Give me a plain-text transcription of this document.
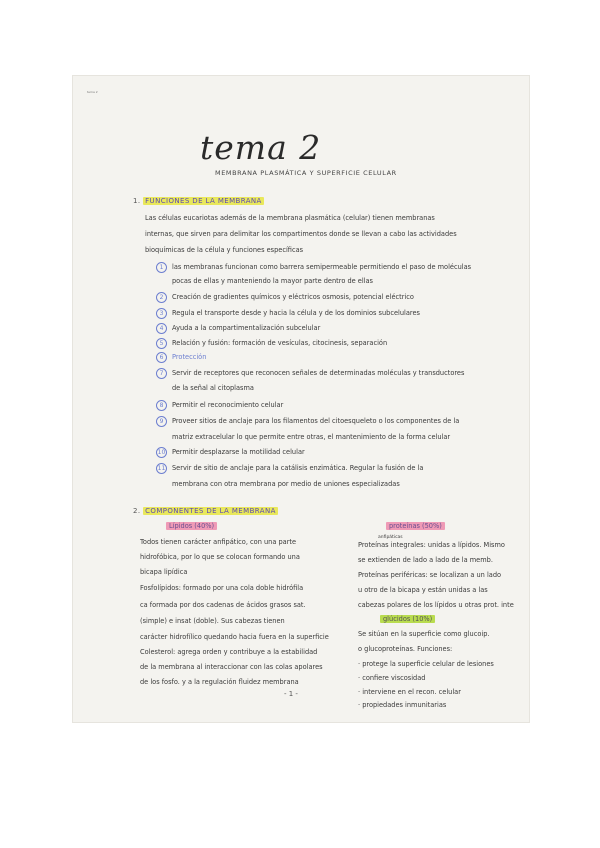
tema 2
tema 2
MEMBRANA PLASMÁTICA Y SUPERFICIE CELULAR
1. FUNCIONES DE LA MEMBRANA
Las células eucariotas además de la membrana plasmática (celular) tienen membranas
internas, que sirven para delimitar los compartimentos donde se llevan a cabo las actividades
bioquímicas de la célula y funciones específicas
1	las membranas funcionan como barrera semipermeable permitiendo el paso de moléculas
pocas de ellas y manteniendo la mayor parte dentro de ellas
2	Creación de gradientes químicos y eléctricos osmosis, potencial eléctrico
3	Regula el transporte desde y hacia la célula y de los dominios subcelulares
4	Ayuda a la compartimentalización subcelular
5	Relación y fusión: formación de vesículas, citocinesis, separación
6	Protección
7	Servir de receptores que reconocen señales de determinadas moléculas y transductores
de la señal al citoplasma
8	Permitir el reconocimiento celular
9	Proveer sitios de anclaje para los filamentos del citoesqueleto o los componentes de la
matriz extracelular lo que permite entre otras, el mantenimiento de la forma celular
10 Permitir desplazarse la motilidad celular
11 Servir de sitio de anclaje para la catálisis enzimática. Regular la fusión de la
membrana con otra membrana por medio de uniones especializadas
2. COMPONENTES DE LA MEMBRANA
Lípidos (40%)
Todos tienen carácter anfipático, con una parte
hidrofóbica, por lo que se colocan formando una
bicapa lipídica
Fosfolípidos: formado por una cola doble hidrófila
ca formada por dos cadenas de ácidos grasos sat.
(simple) e insat (doble). Sus cabezas tienen
carácter hidrofílico quedando hacia fuera en la superficie
Colesterol: agrega orden y contribuye a la estabilidad
de la membrana al interaccionar con las colas apolares
de los fosfo. y a la regulación fluidez membrana
proteínas (50%)
anfipáticas
Proteínas integrales: unidas a lípidos. Mismo
se extienden de lado a lado de la memb.
Proteínas periféricas: se localizan a un lado
u otro de la bicapa y están unidas a las
cabezas polares de los lípidos u otras prot. inte
glúcidos (10%)
Se sitúan en la superficie como glucoip.
o glucoproteínas. Funciones:
· protege la superficie celular de lesiones
· confiere viscosidad
· interviene en el recon. celular
· propiedades inmunitarias
- 1 -
